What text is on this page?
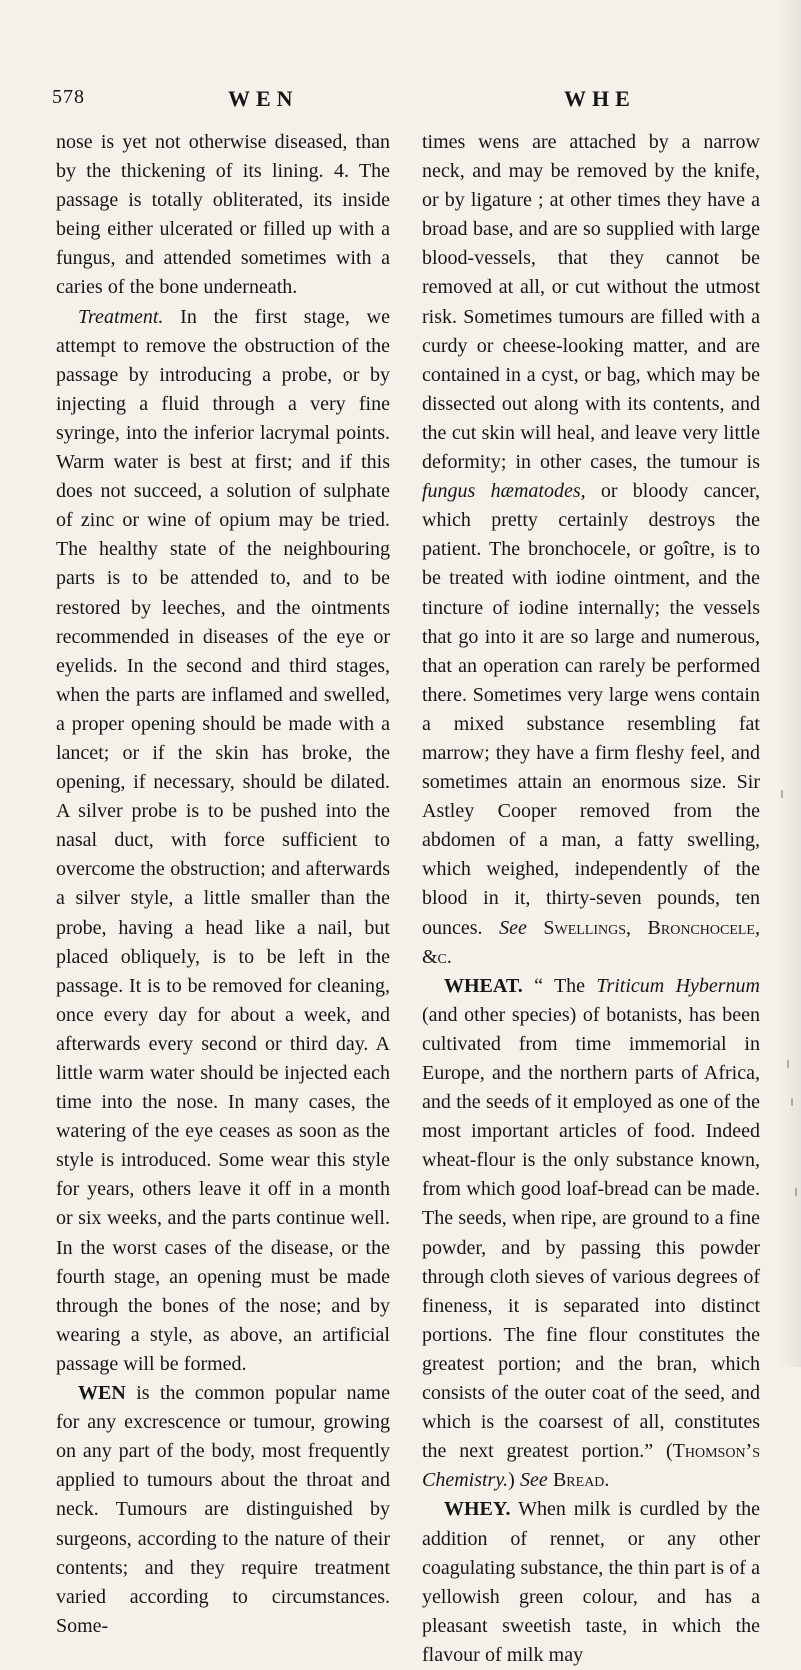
578	WEN	WHE

nose is yet not otherwise diseased, than by the thickening of its lining. 4. The passage is totally obliterated, its inside being either ulcerated or filled up with a fungus, and attended sometimes with a caries of the bone underneath.

Treatment. In the first stage, we attempt to remove the obstruction of the passage by introducing a probe, or by injecting a fluid through a very fine syringe, into the inferior lacrymal points. Warm water is best at first; and if this does not succeed, a solution of sulphate of zinc or wine of opium may be tried. The healthy state of the neighbouring parts is to be attended to, and to be restored by leeches, and the ointments recommended in diseases of the eye or eyelids. In the second and third stages, when the parts are inflamed and swelled, a proper opening should be made with a lancet; or if the skin has broke, the opening, if necessary, should be dilated. A silver probe is to be pushed into the nasal duct, with force sufficient to overcome the obstruction; and afterwards a silver style, a little smaller than the probe, having a head like a nail, but placed obliquely, is to be left in the passage. It is to be removed for cleaning, once every day for about a week, and afterwards every second or third day. A little warm water should be injected each time into the nose. In many cases, the watering of the eye ceases as soon as the style is introduced. Some wear this style for years, others leave it off in a month or six weeks, and the parts continue well. In the worst cases of the disease, or the fourth stage, an opening must be made through the bones of the nose; and by wearing a style, as above, an artificial passage will be formed.

WEN is the common popular name for any excrescence or tumour, growing on any part of the body, most frequently applied to tumours about the throat and neck. Tumours are distinguished by surgeons, according to the nature of their contents; and they require treatment varied according to circumstances. Some-

times wens are attached by a narrow neck, and may be removed by the knife, or by ligature ; at other times they have a broad base, and are so supplied with large blood-vessels, that they cannot be removed at all, or cut without the utmost risk. Sometimes tumours are filled with a curdy or cheese-looking matter, and are contained in a cyst, or bag, which may be dissected out along with its contents, and the cut skin will heal, and leave very little deformity; in other cases, the tumour is fungus hæmatodes, or bloody cancer, which pretty certainly destroys the patient. The bronchocele, or goître, is to be treated with iodine ointment, and the tincture of iodine internally; the vessels that go into it are so large and numerous, that an operation can rarely be performed there. Sometimes very large wens contain a mixed substance resembling fat marrow; they have a firm fleshy feel, and sometimes attain an enormous size. Sir Astley Cooper removed from the abdomen of a man, a fatty swelling, which weighed, independently of the blood in it, thirty-seven pounds, ten ounces. See Swellings, Bronchocele, &c.

WHEAT. “ The Triticum Hybernum (and other species) of botanists, has been cultivated from time immemorial in Europe, and the northern parts of Africa, and the seeds of it employed as one of the most important articles of food. Indeed wheat-flour is the only substance known, from which good loaf-bread can be made. The seeds, when ripe, are ground to a fine powder, and by passing this powder through cloth sieves of various degrees of fineness, it is separated into distinct portions. The fine flour constitutes the greatest portion; and the bran, which consists of the outer coat of the seed, and which is the coarsest of all, constitutes the next greatest portion.” (Thomson’s Chemistry.) See Bread.

WHEY. When milk is curdled by the addition of rennet, or any other coagulating substance, the thin part is of a yellowish green colour, and has a pleasant sweetish taste, in which the flavour of milk may
